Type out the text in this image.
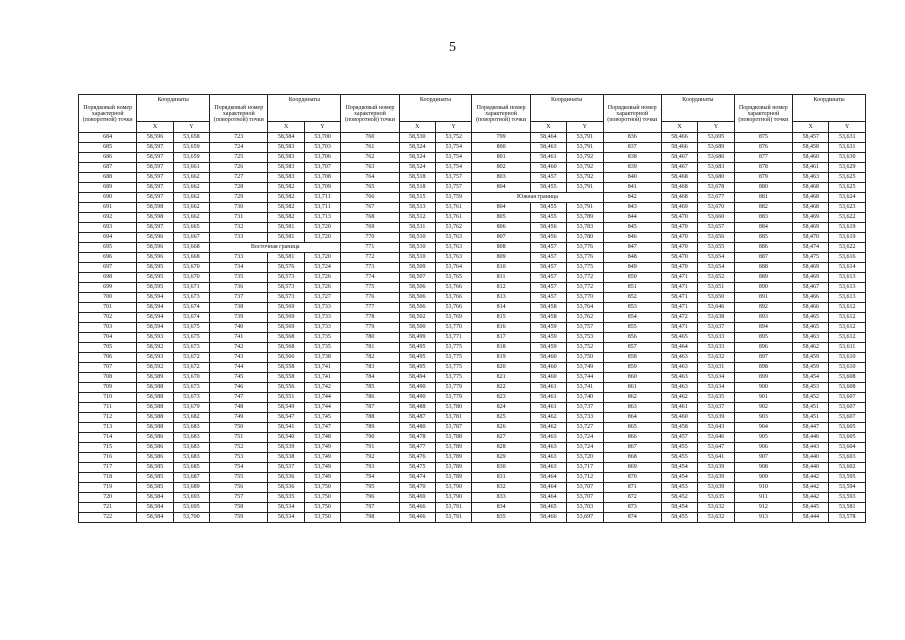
5
Порядковый номер характерной (поворотной) точки	Координаты		Порядковый номер характерной (поворотной) точки	Координаты		Порядковый номер характерной (поворотной) точки	Координаты		Порядковый номер характерной (поворотной) точки	Координаты		Порядковый номер характерной (поворотной) точки	Координаты		Порядковый номер характерной (поворотной) точки	Координаты	
	X	Y		X	Y		X	Y		X	Y		X	Y		X	Y
684	58,596	53,658	723	58,584	53,700	760	58,530	53,752	799	58,464	53,791	836	58,466	53,695	875	58,457	53,631
685	58,597	53,659	724	58,583	53,703	761	58,524	53,754	800	58,463	53,791	837	58,466	53,689	876	58,458	53,631
686	58,597	53,659	725	58,583	53,706	762	58,524	53,754	801	58,461	53,792	838	58,467	53,686	877	58,460	53,630
687	58,597	53,661	726	58,583	53,707	763	58,524	53,754	802	58,460	53,792	839	58,467	53,683	878	58,461	53,629
688	58,597	53,662	727	58,583	53,708	764	58,518	53,757	803	58,457	53,792	840	58,468	53,680	879	58,463	53,625
689	58,597	53,662	728	58,582	53,709	765	58,518	53,757	804	58,455	53,791	841	58,468	53,678	880	58,468	53,625
690	58,597	53,662	729	58,582	53,711	766	58,515	53,759	Южная граница			842	58,468	53,677	881	58,468	53,624
691	58,598	53,662	730	58,582	53,711	767	58,513	53,761	804	58,455	53,791	843	58,469	53,670	882	58,468	53,623
692	58,598	53,662	731	58,582	53,713	768	58,512	53,761	805	58,455	53,789	844	58,470	53,660	883	58,469	53,622
693	58,597	53,665	732	58,581	53,720	769	58,511	53,762	806	58,456	53,783	845	58,470	53,657	884	58,469	53,619
694	58,596	53,667	733	58,581	53,720	770	58,510	53,763	807	58,456	53,780	846	58,470	53,656	885	58,470	53,619
695	58,596	53,668	Восточная граница			771	58,510	53,763	808	58,457	53,776	847	58,470	53,655	886	58,474	53,622
696	58,596	53,668	733	58,581	53,720	772	58,510	53,763	809	58,457	53,776	848	58,470	53,654	887	58,475	53,616
697	58,595	53,670	734	58,576	53,724	773	58,509	53,764	810	58,457	53,775	849	58,470	53,654	888	58,469	53,614
698	58,595	53,670	735	58,573	53,726	774	58,507	53,765	811	58,457	53,772	850	58,471	53,652	889	58,469	53,613
699	58,595	53,671	736	58,573	53,726	775	58,506	53,766	812	58,457	53,772	851	58,471	53,651	890	58,467	53,613
700	58,594	53,673	737	58,573	53,727	776	58,506	53,766	813	58,457	53,770	852	58,471	53,650	891	58,466	53,613
701	58,594	53,674	738	58,569	53,733	777	58,506	53,766	814	58,458	53,764	853	58,471	53,646	892	58,466	53,612
702	58,594	53,674	739	58,569	53,733	778	58,502	53,769	815	58,458	53,762	854	58,472	53,638	893	58,465	53,612
703	58,594	53,675	740	58,569	53,733	779	58,500	53,770	816	58,459	53,757	855	58,471	53,637	894	58,465	53,612
704	58,593	53,675	741	58,568	53,735	780	58,499	53,771	817	58,459	53,753	856	58,465	53,633	895	58,463	53,612
705	58,592	53,673	742	58,568	53,735	781	58,495	53,775	818	58,459	53,752	857	58,464	53,633	896	58,462	53,611
706	58,593	53,672	743	58,566	53,738	782	58,495	53,775	819	58,460	53,750	858	58,463	53,632	897	58,459	53,610
707	58,592	53,672	744	58,558	53,741	783	58,495	53,775	820	58,460	53,749	859	58,463	53,631	898	58,459	53,610
708	58,589	53,670	745	58,558	53,741	784	58,494	53,775	821	58,460	53,744	860	58,463	53,634	899	58,454	53,608
709	58,588	53,673	746	58,556	53,742	785	58,490	53,779	822	58,461	53,741	861	58,463	53,634	900	58,453	53,608
710	58,588	53,673	747	58,551	53,744	786	58,490	53,779	823	58,461	53,740	862	58,462	53,635	901	58,452	53,607
711	58,588	53,679	748	58,549	53,744	787	58,488	53,780	824	58,461	53,737	863	58,461	53,637	902	58,451	53,607
712	58,588	53,682	749	58,547	53,745	788	58,487	53,781	825	58,462	53,733	864	58,460	53,639	903	58,451	53,607
713	58,588	53,683	750	58,541	53,747	789	58,480	53,787	826	58,462	53,727	865	58,458	53,643	904	58,447	53,605
714	58,586	53,683	751	58,540	53,748	790	58,478	53,788	827	58,463	53,724	866	58,457	53,646	905	58,446	53,605
715	58,586	53,683	752	58,539	53,749	791	58,477	53,789	828	58,463	53,724	867	58,455	53,647	906	58,443	53,604
716	58,586	53,683	753	58,538	53,749	792	58,476	53,789	829	58,463	53,720	868	58,455	53,641	907	58,440	53,603
717	58,585	53,685	754	58,537	53,749	793	58,475	53,789	830	58,463	53,717	869	58,454	53,639	908	58,440	53,602
718	58,585	53,687	755	58,536	53,749	794	58,474	53,789	831	58,464	53,712	870	58,454	53,639	909	58,442	53,595
719	58,585	53,689	756	58,536	53,750	795	58,470	53,790	832	58,464	53,707	871	58,453	53,639	910	58,442	53,594
720	58,584	53,693	757	58,535	53,750	796	58,469	53,790	833	58,464	53,707	872	58,452	53,635	911	58,442	53,593
721	58,584	53,695	758	58,534	53,750	797	58,466	53,791	834	58,465	53,703	873	58,454	53,632	912	58,445	53,581
722	58,584	53,700	759	58,534	53,750	798	58,466	53,791	835	58,466	53,697	874	58,455	53,632	913	58,444	53,578
